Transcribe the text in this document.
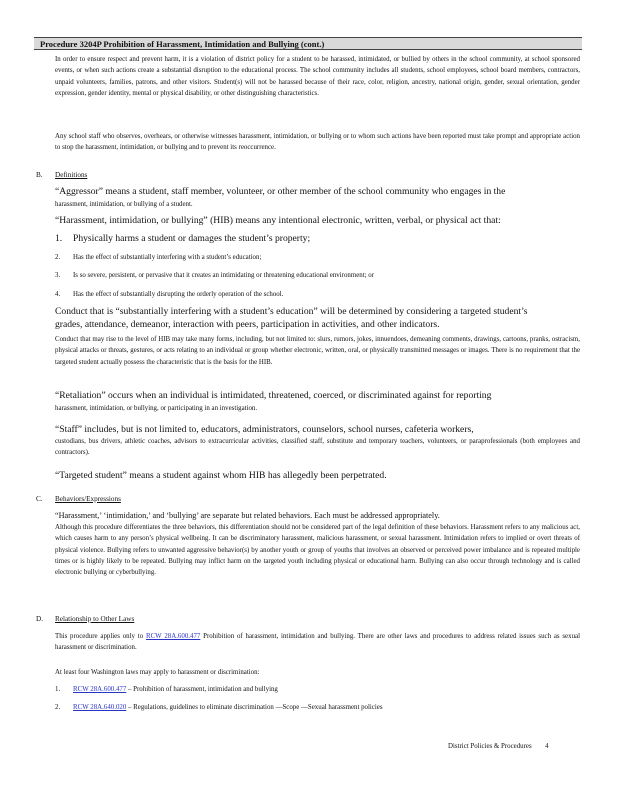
Procedure 3204P Prohibition of Harassment, Intimidation and Bullying (cont.)
In order to ensure respect and prevent harm, it is a violation of district policy for a student to be harassed, intimidated, or bullied by others in the school community, at school sponsored events, or when such actions create a substantial disruption to the educational process. The school community includes all students, school employees, school board members, contractors, unpaid volunteers, families, patrons, and other visitors. Student(s) will not be harassed because of their race, color, religion, ancestry, national origin, gender, sexual orientation, gender expression, gender identity, mental or physical disability, or other distinguishing characteristics.
Any school staff who observes, overhears, or otherwise witnesses harassment, intimidation, or bullying or to whom such actions have been reported must take prompt and appropriate action to stop the harassment, intimidation, or bullying and to prevent its reoccurrence.
B. Definitions
“Aggressor” means a student, staff member, volunteer, or other member of the school community who engages in the
harassment, intimidation, or bullying of a student.
“Harassment, intimidation, or bullying” (HIB) means any intentional electronic, written, verbal, or physical act that:
1. Physically harms a student or damages the student’s property;
2. Has the effect of substantially interfering with a student’s education;
3. Is so severe, persistent, or pervasive that it creates an intimidating or threatening educational environment; or
4. Has the effect of substantially disrupting the orderly operation of the school.
Conduct that is “substantially interfering with a student’s education” will be determined by considering a targeted student’s grades, attendance, demeanor, interaction with peers, participation in activities, and other indicators.
Conduct that may rise to the level of HIB may take many forms, including, but not limited to: slurs, rumors, jokes, innuendoes, demeaning comments, drawings, cartoons, pranks, ostracism, physical attacks or threats, gestures, or acts relating to an individual or group whether electronic, written, oral, or physically transmitted messages or images. There is no requirement that the targeted student actually possess the characteristic that is the basis for the HIB.
“Retaliation” occurs when an individual is intimidated, threatened, coerced, or discriminated against for reporting
harassment, intimidation, or bullying, or participating in an investigation.
“Staff” includes, but is not limited to, educators, administrators, counselors, school nurses, cafeteria workers,
custodians, bus drivers, athletic coaches, advisors to extracurricular activities, classified staff, substitute and temporary teachers, volunteers, or paraprofessionals (both employees and contractors).
“Targeted student” means a student against whom HIB has allegedly been perpetrated.
C. Behaviors/Expressions
“Harassment,’ ‘intimidation,’ and ‘bullying’ are separate but related behaviors. Each must be addressed appropriately.
Although this procedure differentiates the three behaviors, this differentiation should not be considered part of the legal definition of these behaviors. Harassment refers to any malicious act, which causes harm to any person’s physical wellbeing. It can be discriminatory harassment, malicious harassment, or sexual harassment. Intimidation refers to implied or overt threats of physical violence. Bullying refers to unwanted aggressive behavior(s) by another youth or group of youths that involves an observed or perceived power imbalance and is repeated multiple times or is highly likely to be repeated. Bullying may inflict harm on the targeted youth including physical or educational harm. Bullying can also occur through technology and is called electronic bullying or cyberbullying.
D. Relationship to Other Laws
This procedure applies only to RCW 28A.600.477 Prohibition of harassment, intimidation and bullying. There are other laws and procedures to address related issues such as sexual harassment or discrimination.
At least four Washington laws may apply to harassment or discrimination:
1. RCW 28A.600.477 – Prohibition of harassment, intimidation and bullying
2. RCW 28A.640.020 – Regulations, guidelines to eliminate discrimination —Scope —Sexual harassment policies
District Policies & Procedures 4
